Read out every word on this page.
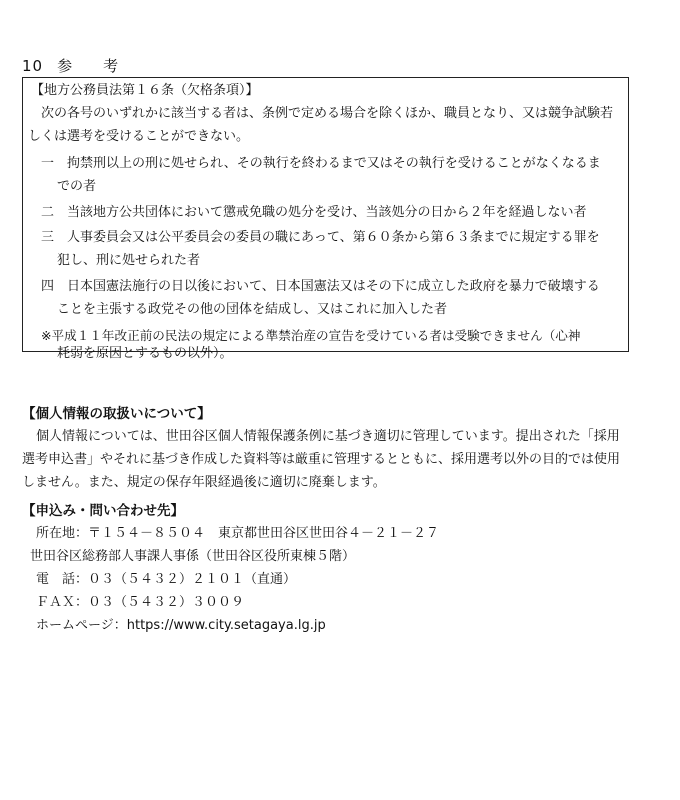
10 参 考
【地方公務員法第１６条（欠格条項）】
次の各号のいずれかに該当する者は、条例で定める場合を除くほか、職員となり、又は競争試験若
しくは選考を受けることができない。
一　拘禁刑以上の刑に処せられ、その執行を終わるまで又はその執行を受けることがなくなるま
での者
二　当該地方公共団体において懲戒免職の処分を受け、当該処分の日から２年を経過しない者
三　人事委員会又は公平委員会の委員の職にあって、第６０条から第６３条までに規定する罪を
犯し、刑に処せられた者
四　日本国憲法施行の日以後において、日本国憲法又はその下に成立した政府を暴力で破壊する
ことを主張する政党その他の団体を結成し、又はこれに加入した者
※平成１１年改正前の民法の規定による準禁治産の宣告を受けている者は受験できません（心神
耗弱を原因とするもの以外）。
【個人情報の取扱いについて】
個人情報については、世田谷区個人情報保護条例に基づき適切に管理しています。提出された「採用
選考申込書」やそれに基づき作成した資料等は厳重に管理するとともに、採用選考以外の目的では使用
しません。また、規定の保存年限経過後に適切に廃棄します。
【申込み・問い合わせ先】
所在地：〒１５４－８５０４　東京都世田谷区世田谷４－２１－２７
世田谷区総務部人事課人事係（世田谷区役所東棟５階）
電　話：０３（５４３２）２１０１（直通）
ＦＡＸ：０３（５４３２）３００９
ホームページ：https://www.city.setagaya.lg.jp
